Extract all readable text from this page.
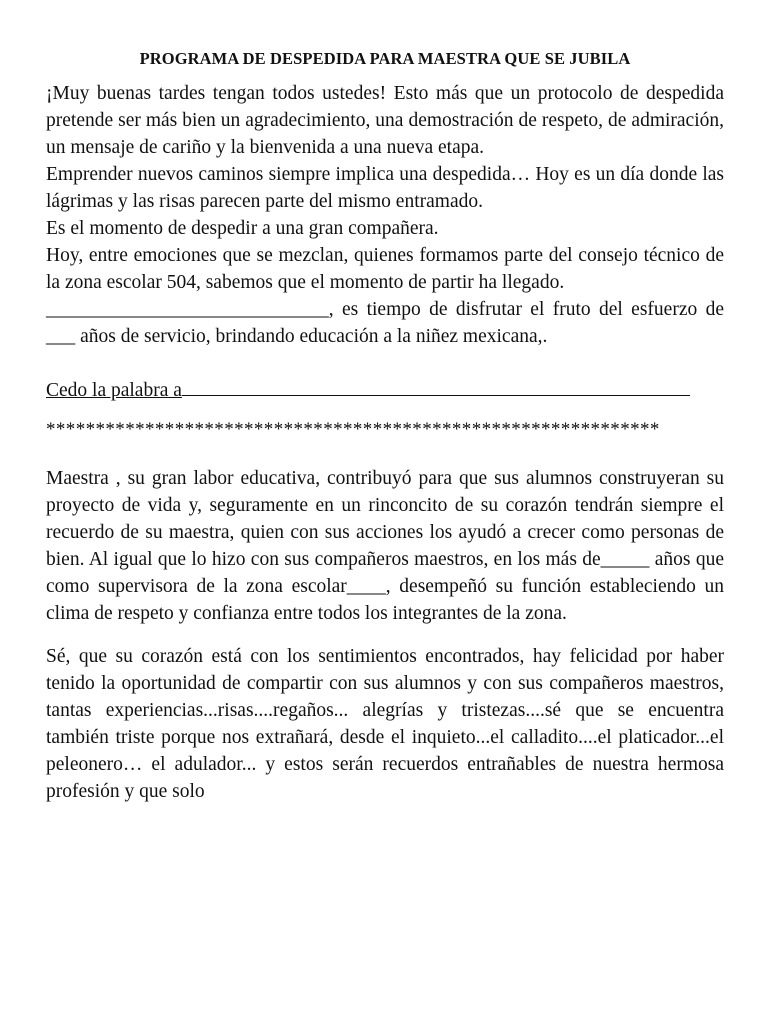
PROGRAMA DE DESPEDIDA PARA MAESTRA QUE SE JUBILA

¡Muy buenas tardes tengan todos ustedes! Esto más que un protocolo de despedida pretende ser más bien un agradecimiento, una demostración de respeto, de admiración, un mensaje de cariño y la bienvenida a una nueva etapa.

Emprender nuevos caminos siempre implica una despedida… Hoy es un día donde las lágrimas y las risas parecen parte del mismo entramado.

Es el momento de despedir a una gran compañera.

Hoy, entre emociones que se mezclan, quienes formamos parte del consejo técnico de la zona escolar 504, sabemos que el momento de partir ha llegado.

_____________________________, es tiempo de disfrutar el fruto del esfuerzo de ___ años de servicio, brindando educación a la niñez mexicana,.

Cedo la palabra a

**************************************************************

Maestra , su gran labor educativa, contribuyó para que sus alumnos construyeran su proyecto de vida y, seguramente en un rinconcito de su corazón tendrán siempre el recuerdo de su maestra, quien con sus acciones los ayudó a crecer como personas de bien. Al igual que lo hizo con sus compañeros maestros, en los más de_____ años que como supervisora de la zona escolar____, desempeñó su función estableciendo un clima de respeto y confianza entre todos los integrantes de la zona.

Sé, que su corazón está con los sentimientos encontrados, hay felicidad por haber tenido la oportunidad de compartir con sus alumnos y con sus compañeros maestros, tantas experiencias...risas....regaños... alegrías y tristezas....sé que se encuentra también triste porque nos extrañará, desde el inquieto...el calladito....el platicador...el peleonero… el adulador... y estos serán recuerdos entrañables de nuestra hermosa profesión y que solo
